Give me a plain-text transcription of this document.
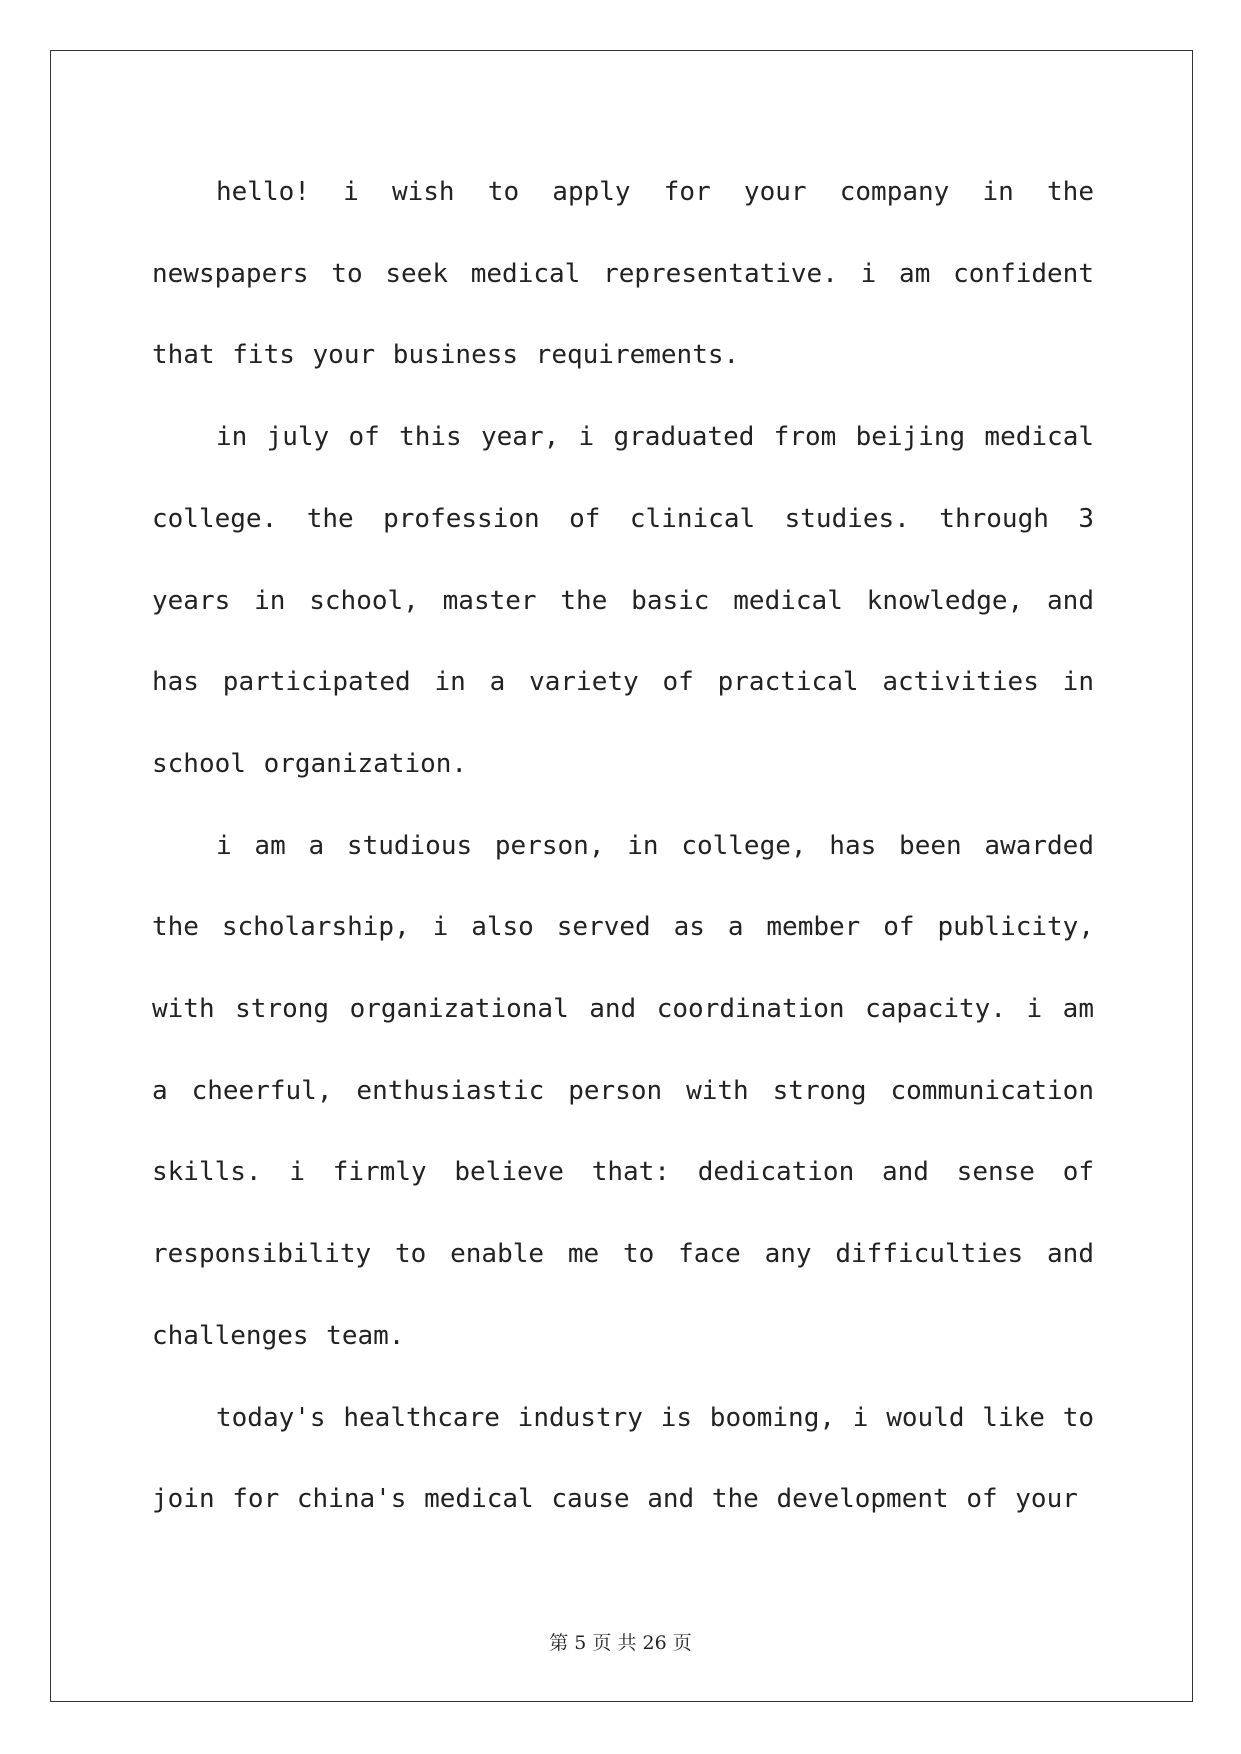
hello! i wish to apply for your company in the newspapers to seek medical representative. i am confident that fits your business requirements.

in july of this year, i graduated from beijing medical college. the profession of clinical studies. through 3 years in school, master the basic medical knowledge, and has participated in a variety of practical activities in school organization.

i am a studious person, in college, has been awarded the scholarship, i also served as a member of publicity, with strong organizational and coordination capacity. i am a cheerful, enthusiastic person with strong communication skills. i firmly believe that: dedication and sense of responsibility to enable me to face any difficulties and challenges team.

today's healthcare industry is booming, i would like to join for china's medical cause and the development of your

第 5 页 共 26 页
